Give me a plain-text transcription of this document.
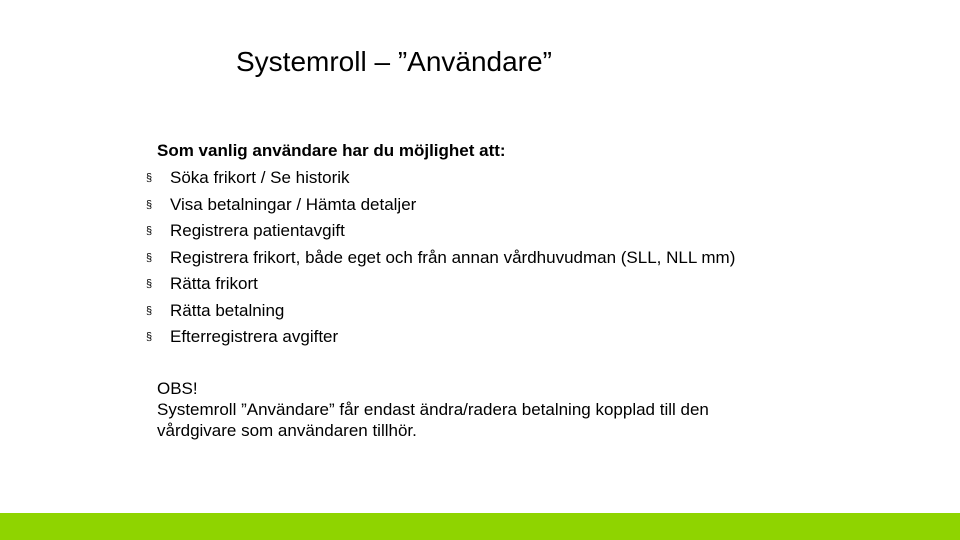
Systemroll – ”Användare”
Som vanlig användare har du möjlighet att:
§ Söka frikort / Se historik
§ Visa betalningar / Hämta detaljer
§ Registrera patientavgift
§ Registrera frikort, både eget och från annan vårdhuvudman (SLL, NLL mm)
§ Rätta frikort
§ Rätta betalning
§ Efterregistrera avgifter
OBS!
Systemroll ”Användare” får endast ändra/radera betalning kopplad till den
vårdgivare som användaren tillhör.
